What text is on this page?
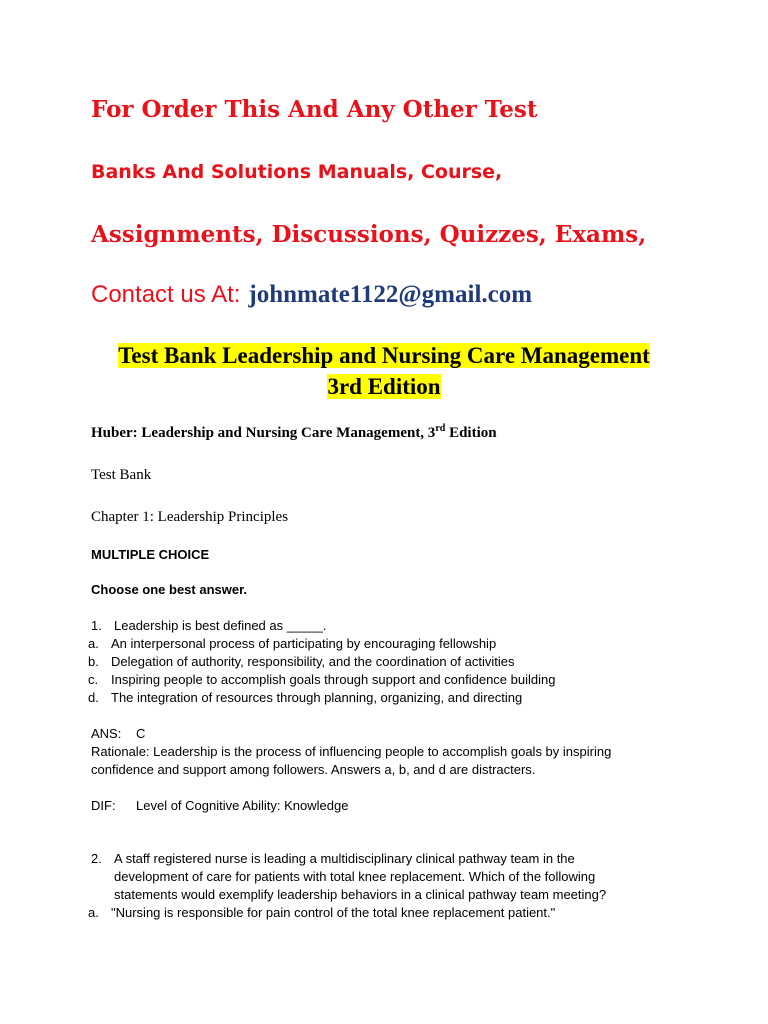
For Order This And Any Other Test
Banks And Solutions Manuals, Course,
Assignments, Discussions, Quizzes, Exams,
Contact us At: johnmate1122@gmail.com
Test Bank Leadership and Nursing Care Management
3rd Edition
Huber: Leadership and Nursing Care Management, 3rd Edition
Test Bank
Chapter 1: Leadership Principles
MULTIPLE CHOICE
Choose one best answer.
1. Leadership is best defined as _____.
a. An interpersonal process of participating by encouraging fellowship
b. Delegation of authority, responsibility, and the coordination of activities
c. Inspiring people to accomplish goals through support and confidence building
d. The integration of resources through planning, organizing, and directing
ANS: C
Rationale: Leadership is the process of influencing people to accomplish goals by inspiring
confidence and support among followers. Answers a, b, and d are distracters.
DIF: Level of Cognitive Ability: Knowledge
2. A staff registered nurse is leading a multidisciplinary clinical pathway team in the
development of care for patients with total knee replacement. Which of the following
statements would exemplify leadership behaviors in a clinical pathway team meeting?
a. "Nursing is responsible for pain control of the total knee replacement patient."
